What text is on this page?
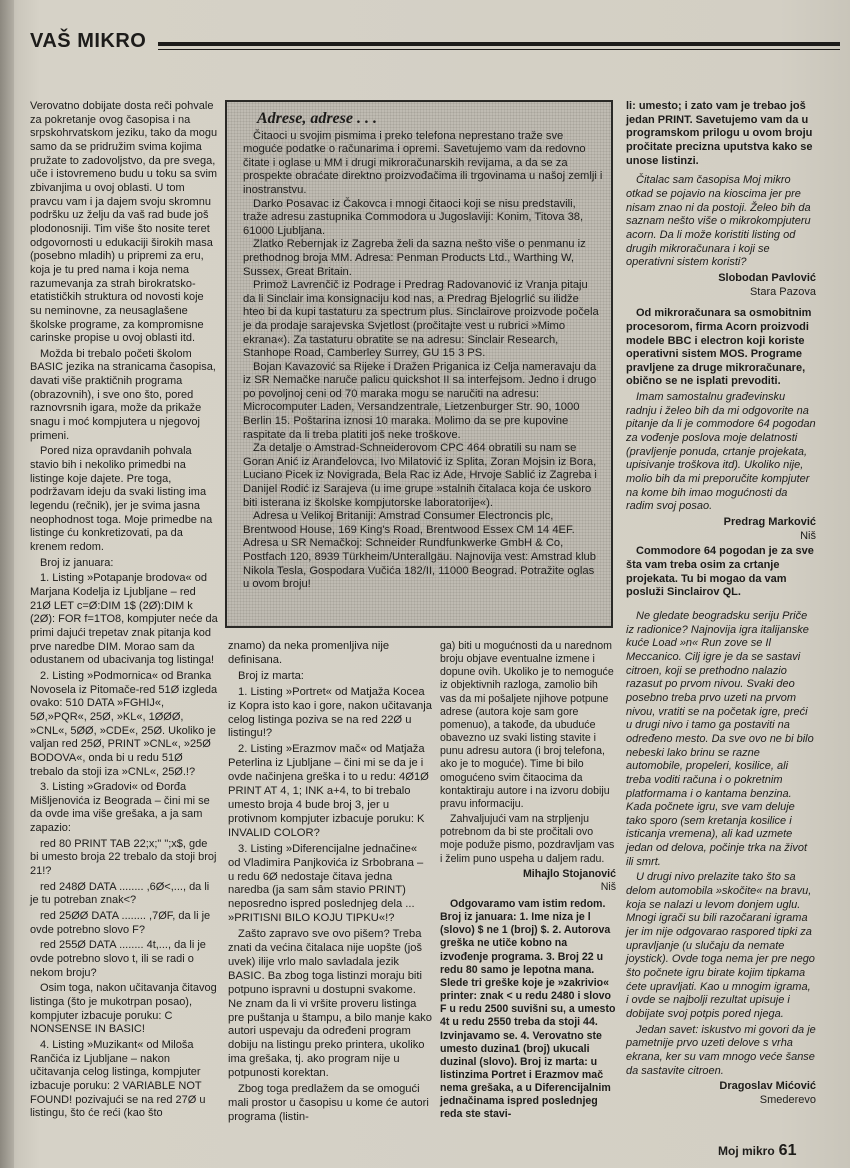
VAŠ MIKRO

Verovatno dobijate dosta reči pohvale za pokretanje ovog časopisa i na srpskohrvatskom jeziku, tako da mogu samo da se pridružim svima kojima pružate to zadovoljstvo, da pre svega, uče i istovremeno budu u toku sa svim zbivanjima u ovoj oblasti. U tom pravcu vam i ja dajem svoju skromnu podršku uz želju da vaš rad bude još plodonosniji. Tim više što nosite teret odgovornosti u edukaciji širokih masa (posebno mladih) u pripremi za eru, koja je tu pred nama i koja nema razumevanja za strah birokratsko-etatističkih struktura od novosti koje su neminovne, za neusaglašene školske programe, za kompromisne carinske propise u ovoj oblasti itd.

Možda bi trebalo početi školom BASIC jezika na stranicama časopisa, davati više praktičnih programa (obrazovnih), i sve ono što, pored raznovrsnih igara, može da prikaže snagu i moć kompjutera u njegovoj primeni.

Pored niza opravdanih pohvala stavio bih i nekoliko primedbi na listinge koje dajete. Pre toga, podržavam ideju da svaki listing ima legendu (rečnik), jer je svima jasna neophodnost toga. Moje primedbe na listinge ću konkretizovati, pa da krenem redom.

Broj iz januara:

1. Listing »Potapanje brodova« od Marjana Kodelja iz Ljubljane – red 21Ø LET c=Ø:DIM 1$ (2Ø):DIM k (2Ø): FOR f=1TO8, kompjuter neće da primi dajući trepetav znak pitanja kod prve naredbe DIM. Morao sam da odustanem od ubacivanja tog listinga!

2. Listing »Podmornica« od Branka Novosela iz Pitomače-red 51Ø izgleda ovako: 510 DATA »FGHIJ«, 5Ø,»PQR«, 25Ø, »KL«, 1ØØØ, »CNL«, 5ØØ, »CDE«, 25Ø. Ukoliko je valjan red 25Ø, PRINT »CNL«, »25Ø BODOVA«, onda bi u redu 51Ø trebalo da stoji iza »CNL«, 25Ø.!?

3. Listing »Gradovi« od Đorđa Mišljenovića iz Beograda – čini mi se da ovde ima više grešaka, a ja sam zapazio:

red 80 PRINT TAB 22;x;" ";x$, gde bi umesto broja 22 trebalo da stoji broj 21!?

red 248Ø DATA ........ ,6Ø<,..., da li je tu potreban znak<?

red 25ØØ DATA ........ ,7ØF, da li je ovde potrebno slovo F?

red 255Ø DATA ........ 4t,..., da li je ovde potrebno slovo t, ili se radi o nekom broju?

Osim toga, nakon učitavanja čitavog listinga (što je mukotrpan posao), kompjuter izbacuje poruku: C NONSENSE IN BASIC!

4. Listing »Muzikant« od Miloša Rančića iz Ljubljane – nakon učitavanja celog listinga, kompjuter izbacuje poruku: 2 VARIABLE NOT FOUND! pozivajući se na red 27Ø u listingu, što će reći (kao što

Adrese, adrese . . .

Čitaoci u svojim pismima i preko telefona neprestano traže sve moguće podatke o računarima i opremi. Savetujemo vam da redovno čitate i oglase u MM i drugi mikroračunarskih revijama, a da se za prospekte obraćate direktno proizvođačima ili trgovinama u našoj zemlji i inostranstvu.

Darko Posavac iz Čakovca i mnogi čitaoci koji se nisu predstavili, traže adresu zastupnika Commodora u Jugoslaviji: Konim, Titova 38, 61000 Ljubljana.

Zlatko Rebernjak iz Zagreba želi da sazna nešto više o penmanu iz prethodnog broja MM. Adresa: Penman Products Ltd., Warthing W, Sussex, Great Britain.

Primož Lavrenčič iz Podrage i Predrag Radovanović iz Vranja pitaju da li Sinclair ima konsignaciju kod nas, a Predrag Bjelogrlić su ilidže hteo bi da kupi tastaturu za spectrum plus. Sinclairove proizvode počela je da prodaje sarajevska Svjetlost (pročitajte vest u rubrici »Mimo ekrana«). Za tastaturu obratite se na adresu: Sinclair Research, Stanhope Road, Camberley Surrey, GU 15 3 PS.

Bojan Kavazović sa Rijeke i Dražen Priganica iz Celja nameravaju da iz SR Nemačke naruče palicu quickshot II sa interfejsom. Jedno i drugo po povoljnoj ceni od 70 maraka mogu se naručiti na adresu: Microcomputer Laden, Versandzentrale, Lietzenburger Str. 90, 1000 Berlin 15. Poštarina iznosi 10 maraka. Molimo da se pre kupovine raspitate da li treba platiti još neke troškove.

Za detalje o Amstrad-Schneiderovom CPC 464 obratili su nam se Goran Anić iz Aranđelovca, Ivo Milatović iz Splita, Zoran Mojsin iz Bora, Luciano Picek iz Novigrada, Bela Rac iz Ade, Hrvoje Sablić iz Zagreba i Danijel Rodić iz Sarajeva (u ime grupe »stalnih čitalaca koja će uskoro biti isterana iz školske kompjutorske laboratorije«).

Adresa u Velikoj Britaniji: Amstrad Consumer Electroncis plc, Brentwood House, 169 King's Road, Brentwood Essex CM 14 4EF. Adresa u SR Nemačkoj: Schneider Rundfunkwerke GmbH & Co, Postfach 120, 8939 Türkheim/Unterallgäu. Najnovija vest: Amstrad klub Nikola Tesla, Gospodara Vučića 182/II, 11000 Beograd. Potražite oglas u ovom broju!

znamo) da neka promenljiva nije definisana.

Broj iz marta:

1. Listing »Portret« od Matjaža Kocea iz Kopra isto kao i gore, nakon učitavanja celog listinga poziva se na red 22Ø u listingu!?

2. Listing »Erazmov mač« od Matjaža Peterlina iz Ljubljane – čini mi se da je i ovde načinjena greška i to u redu: 4Ø1Ø PRINT AT 4, 1; INK a+4, to bi trebalo umesto broja 4 bude broj 3, jer u protivnom kompjuter izbacuje poruku: K INVALID COLOR?

3. Listing »Diferencijalne jednačine« od Vladimira Panjkovića iz Srbobrana – u redu 6Ø nedostaje čitava jedna naredba (ja sam sâm stavio PRINT) neposredno ispred poslednjeg dela ... »PRITISNI BILO KOJU TIPKU«!?

Zašto zapravo sve ovo pišem? Treba znati da većina čitalaca nije uopšte (još uvek) ilije vrlo malo savladala jezik BASIC. Ba zbog toga listinzi moraju biti potpuno ispravni u dostupni svakome. Ne znam da li vi vršite proveru listinga pre puštanja u štampu, a bilo manje kako autori uspevaju da određeni program dobiju na listingu preko printera, ukoliko ima grešaka, tj. ako program nije u potpunosti korektan.

Zbog toga predlažem da se omogući mali prostor u časopisu u kome će autori programa (listin-

ga) biti u mogućnosti da u narednom broju objave eventualne izmene i dopune ovih. Ukoliko je to nemoguće iz objektivnih razloga, zamolio bih vas da mi pošaljete njihove potpune adrese (autora koje sam gore pomenuo), a takođe, da ubuduće obavezno uz svaki listing stavite i punu adresu autora (i broj telefona, ako je to moguće). Time bi bilo omogućeno svim čitaocima da kontaktiraju autore i na izvoru dobiju pravu informaciju.

Zahvaljujući vam na strpljenju potrebnom da bi ste pročitali ovo moje poduže pismo, pozdravljam vas i želim puno uspeha u daljem radu.

Mihajlo Stojanović

Niš

Odgovaramo vam istim redom. Broj iz januara: 1. Ime niza je l (slovo) $ ne 1 (broj) $. 2. Autorova greška ne utiče kobno na izvođenje programa. 3. Broj 22 u redu 80 samo je lepotna mana. Slede tri greške koje je »zakrivio« printer: znak < u redu 2480 i slovo F u redu 2500 suvišni su, a umesto 4t u redu 2550 treba da stoji 44. Izvinjavamo se. 4. Verovatno ste umesto duzina1 (broj) ukucali duzinal (slovo). Broj iz marta: u listinzima Portret i Erazmov mač nema grešaka, a u Diferencijalnim jednačinama ispred poslednjeg reda ste stavi-

li: umesto; i zato vam je trebao još jedan PRINT. Savetujemo vam da u programskom prilogu u ovom broju pročitate precizna uputstva kako se unose listinzi.

Čitalac sam časopisa Moj mikro otkad se pojavio na kioscima jer pre nisam znao ni da postoji. Želeo bih da saznam nešto više o mikrokompjuteru acorn. Da li može koristiti listing od drugih mikroračunara i koji se operativni sistem koristi?

Slobodan Pavlović

Stara Pazova

Od mikroračunara sa osmobitnim procesorom, firma Acorn proizvodi modele BBC i electron koji koriste operativni sistem MOS. Programe pravljene za druge mikroračunare, obično se ne isplati prevoditi.

Imam samostalnu građevinsku radnju i želeo bih da mi odgovorite na pitanje da li je commodore 64 pogodan za vođenje poslova moje delatnosti (pravljenje ponuda, crtanje projekata, upisivanje troškova itd). Ukoliko nije, molio bih da mi preporučite kompjuter na kome bih imao mogućnosti da radim svoj posao.

Predrag Marković

Niš

Commodore 64 pogodan je za sve šta vam treba osim za crtanje projekata. Tu bi mogao da vam posluži Sinclairov QL.

Ne gledate beogradsku seriju Priče iz radionice? Najnovija igra italijanske kuće Load »n« Run zove se Il Meccanico. Cilj igre je da se sastavi citroen, koji se prethodno nalazio razasut po prvom nivou. Svaki deo posebno treba prvo uzeti na prvom nivou, vratiti se na početak igre, preći u drugi nivo i tamo ga postaviti na određeno mesto. Da sve ovo ne bi bilo nebeski lako brinu se razne automobile, propeleri, kosilice, ali treba voditi računa i o pokretnim platformama i o kantama benzina. Kada počnete igru, sve vam deluje tako sporo (sem kretanja kosilice i isticanja vremena), ali kad uzmete jedan od delova, počinje trka na život ili smrt.

U drugi nivo prelazite tako što sa delom automobila »skočite« na bravu, koja se nalazi u levom donjem uglu. Mnogi igrači su bili razočarani igrama jer im nije odgovarao raspored tipki za upravljanje (u slučaju da nemate joystick). Ovde toga nema jer pre nego što počnete igru birate kojim tipkama ćete upravljati. Kao u mnogim igrama, i ovde se najbolji rezultat upisuje i dobijate svoj potpis pored njega.

Jedan savet: iskustvo mi govori da je pametnije prvo uzeti delove s vrha ekrana, ker su vam mnogo veće šanse da sastavite citroen.

Dragoslav Mićović

Smederevo

Moj mikro 61
